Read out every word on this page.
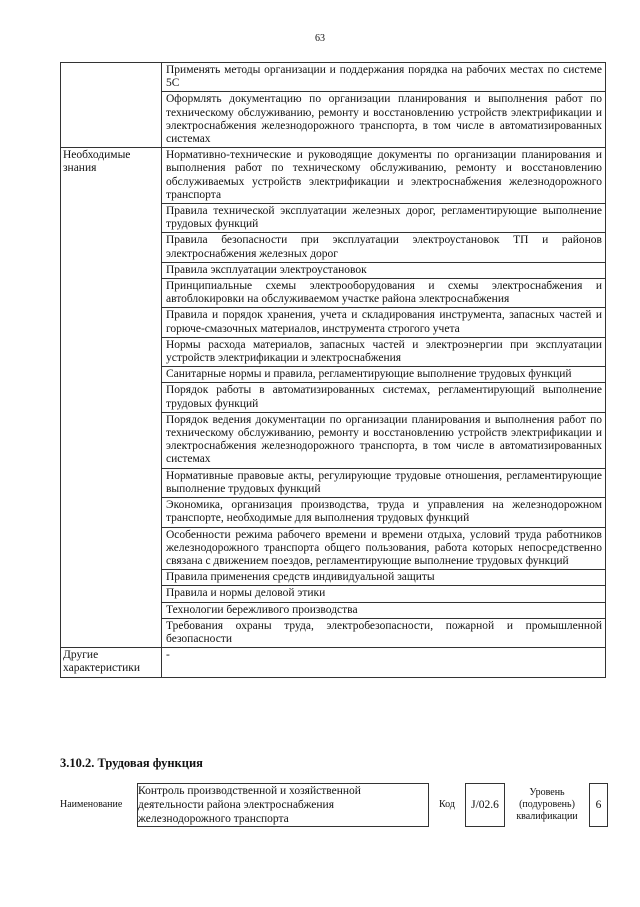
63
	Применять методы организации и поддержания порядка на рабочих местах по системе 5С
	Оформлять документацию по организации планирования и выполнения работ по техническому обслуживанию, ремонту и восстановлению устройств электрификации и электроснабжения железнодорожного транспорта, в том числе в автоматизированных системах
Необходимые знания	Нормативно-технические и руководящие документы по организации планирования и выполнения работ по техническому обслуживанию, ремонту и восстановлению обслуживаемых устройств электрификации и электроснабжения железнодорожного транспорта
	Правила технической эксплуатации железных дорог, регламентирующие выполнение трудовых функций
	Правила безопасности при эксплуатации электроустановок ТП и районов электроснабжения железных дорог
	Правила эксплуатации электроустановок
	Принципиальные схемы электрооборудования и схемы электроснабжения и автоблокировки на обслуживаемом участке района электроснабжения
	Правила и порядок хранения, учета и складирования инструмента, запасных частей и горюче-смазочных материалов, инструмента строгого учета
	Нормы расхода материалов, запасных частей и электроэнергии при эксплуатации устройств электрификации и электроснабжения
	Санитарные нормы и правила, регламентирующие выполнение трудовых функций
	Порядок работы в автоматизированных системах, регламентирующий выполнение трудовых функций
	Порядок ведения документации по организации планирования и выполнения работ по техническому обслуживанию, ремонту и восстановлению устройств электрификации и электроснабжения железнодорожного транспорта, в том числе в автоматизированных системах
	Нормативные правовые акты, регулирующие трудовые отношения, регламентирующие выполнение трудовых функций
	Экономика, организация производства, труда и управления на железнодорожном транспорте, необходимые для выполнения трудовых функций
	Особенности режима рабочего времени и времени отдыха, условий труда работников железнодорожного транспорта общего пользования, работа которых непосредственно связана с движением поездов, регламентирующие выполнение трудовых функций
	Правила применения средств индивидуальной защиты
	Правила и нормы деловой этики
	Технологии бережливого производства
	Требования охраны труда, электробезопасности, пожарной и промышленной безопасности
Другие характеристики	-
3.10.2. Трудовая функция
Наименование	Контроль производственной и хозяйственной деятельности района электроснабжения железнодорожного транспорта	Код	J/02.6	Уровень (подуровень) квалификации	6
